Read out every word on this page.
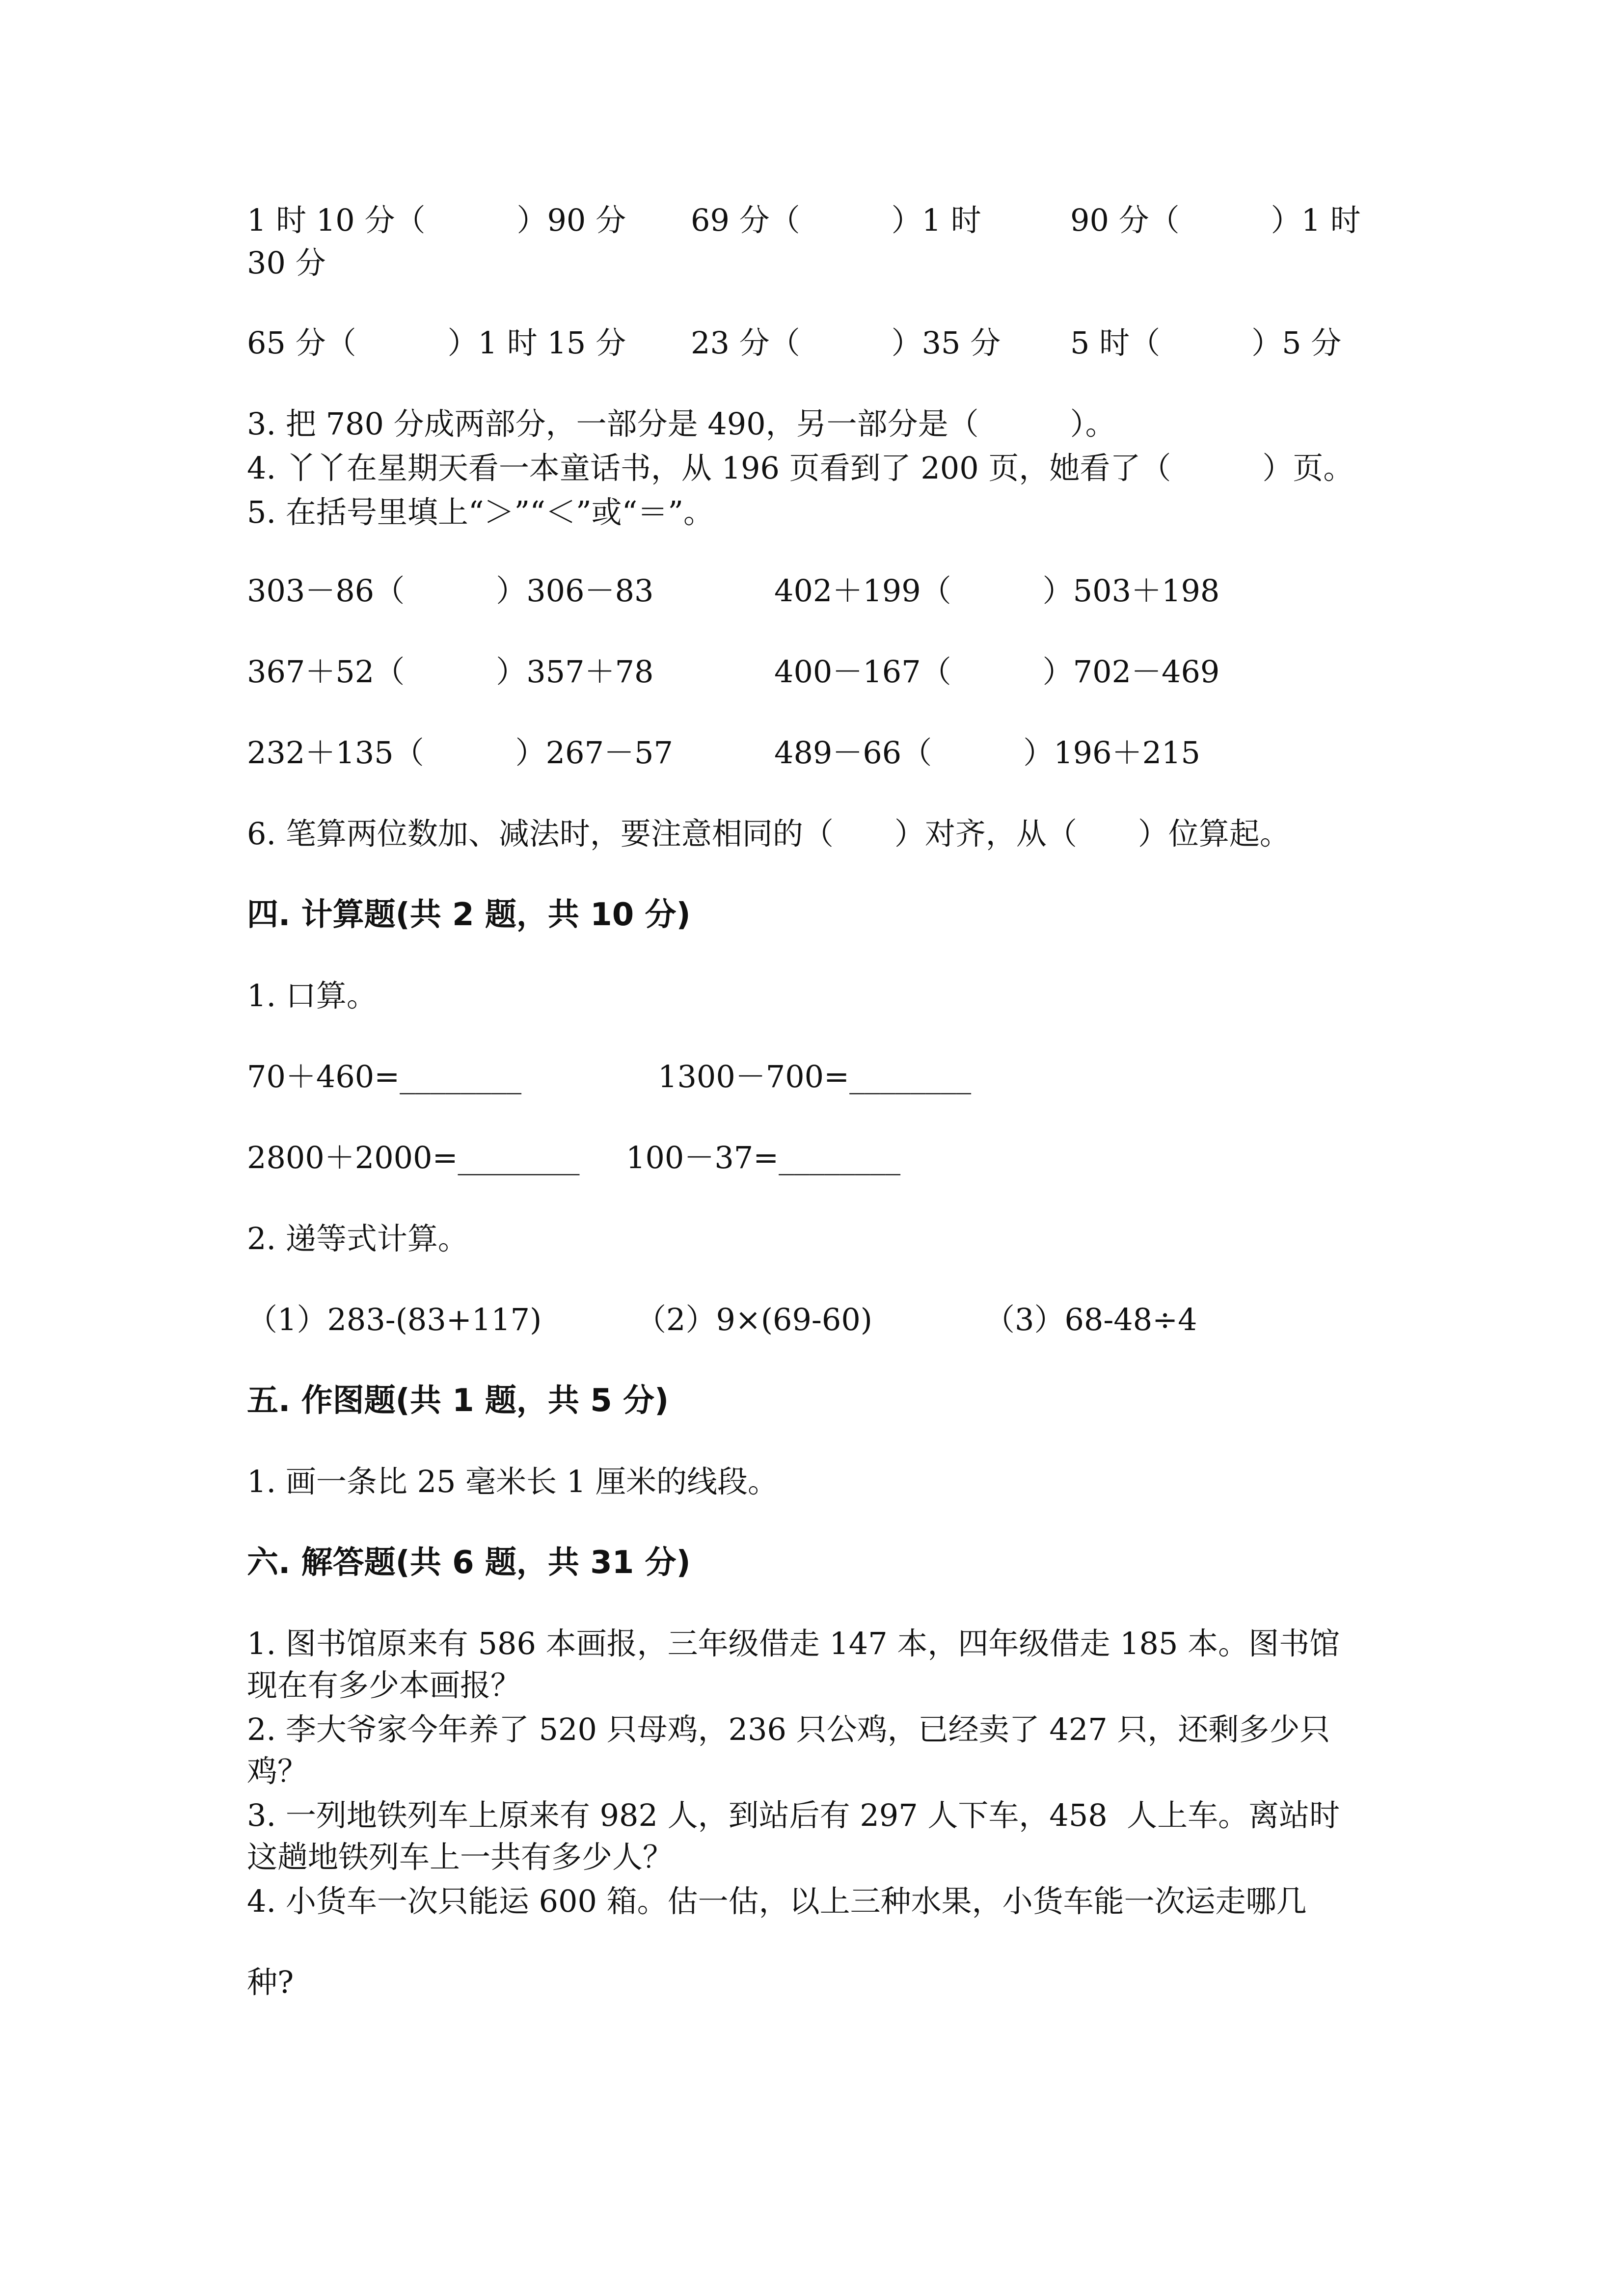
1 时 10 分（　　　）90 分 69 分（　　　）1 时	90 分（　　　）1 时
30 分
65 分（　　　）1 时 15 分 23 分（　　　）35 分 5 时（　　　）5 分
3. 把 780 分成两部分，一部分是 490，另一部分是（　　　）。
4. 丫丫在星期天看一本童话书，从 196 页看到了 200 页，她看了（　　　）页。
5. 在括号里填上“＞”“＜”或“＝”。
303－86（　　　）306－83	402＋199（　　　）503＋198
367＋52（　　　）357＋78	400－167（　　　）702－469
232＋135（　　　）267－57	489－66（　　　）196＋215
6. 笔算两位数加、减法时，要注意相同的（　　）对齐，从（　　）位算起。
四. 计算题(共 2 题，共 10 分)
1. 口算。
70＋460=________	1300－700=________
2800＋2000=________ 100－37=________
2. 递等式计算。
（1）283-(83+117)	（2）9×(69-60)	（3）68-48÷4
五. 作图题(共 1 题，共 5 分)
1. 画一条比 25 毫米长 1 厘米的线段。
六. 解答题(共 6 题，共 31 分)
1. 图书馆原来有 586 本画报，三年级借走 147 本，四年级借走 185 本。图书馆
现在有多少本画报？
2. 李大爷家今年养了 520 只母鸡，236 只公鸡，已经卖了 427 只，还剩多少只
鸡？
3. 一列地铁列车上原来有 982 人，到站后有 297 人下车，458  人上车。离站时
这趟地铁列车上一共有多少人？
4. 小货车一次只能运 600 箱。估一估，以上三种水果，小货车能一次运走哪几
种?
